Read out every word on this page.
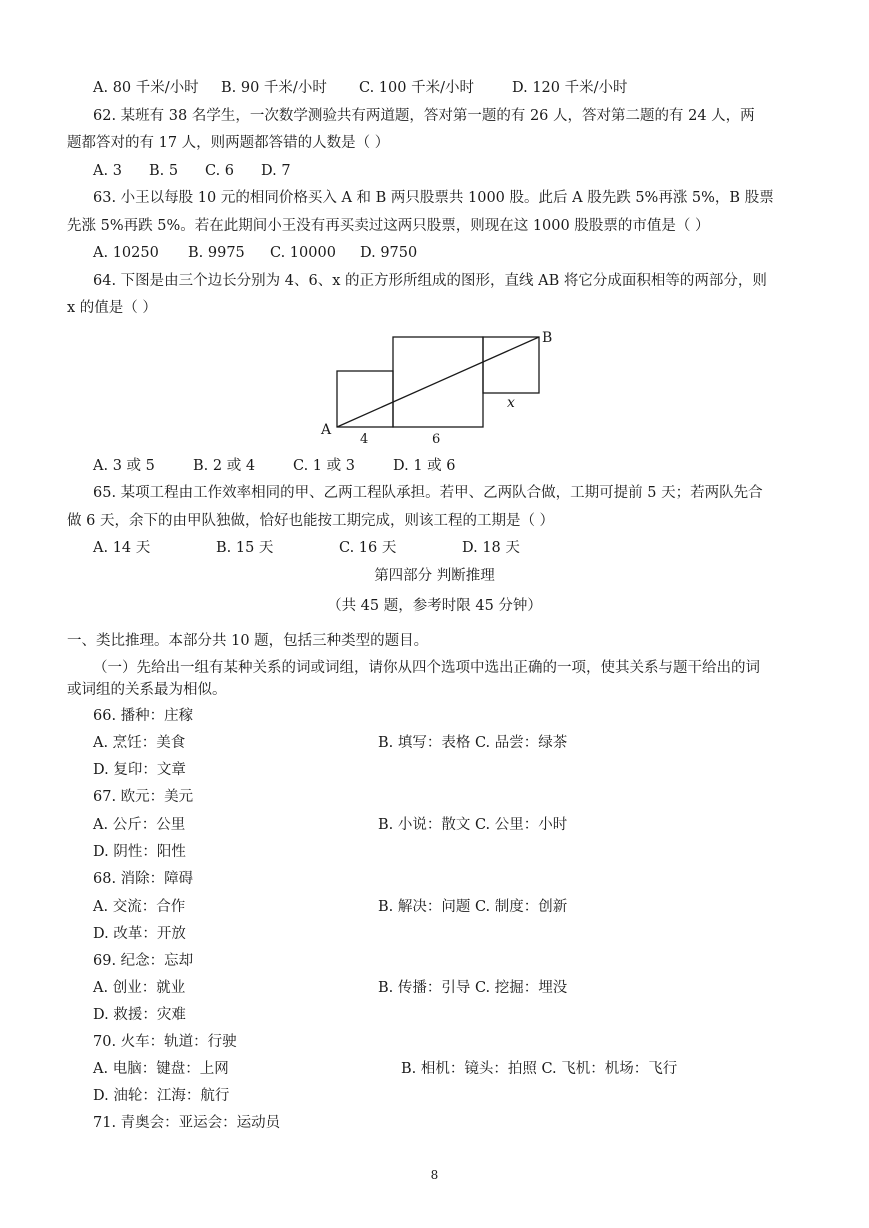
A. 80 千米/小时 B. 90 千米/小时 C. 100 千米/小时	D. 120 千米/小时
62. 某班有 38 名学生，一次数学测验共有两道题，答对第一题的有 26 人，答对第二题的有 24 人，两
题都答对的有 17 人，则两题都答错的人数是（ ）
A. 3 B. 5 C. 6 D. 7
63. 小王以每股 10 元的相同价格买入 A 和 B 两只股票共 1000 股。此后 A 股先跌 5%再涨 5%，B 股票
先涨 5%再跌 5%。若在此期间小王没有再买卖过这两只股票，则现在这 1000 股股票的市值是（ ）
A. 10250 B. 9975 C. 10000 D. 9750
64. 下图是由三个边长分别为 4、6、x 的正方形所组成的图形，直线 AB 将它分成面积相等的两部分，则
x 的值是（ ）
A
B
4	6
x
A. 3 或 5	B. 2 或 4	C. 1 或 3	D. 1 或 6
65. 某项工程由工作效率相同的甲、乙两工程队承担。若甲、乙两队合做，工期可提前 5 天；若两队先合
做 6 天，余下的由甲队独做，恰好也能按工期完成，则该工程的工期是（ ）
A. 14 天	B. 15 天	C. 16 天	D. 18 天
第四部分 判断推理
（共 45 题，参考时限 45 分钟）
一、类比推理。本部分共 10 题，包括三种类型的题目。
（一）先给出一组有某种关系的词或词组，请你从四个选项中选出正确的一项，使其关系与题干给出的词
或词组的关系最为相似。
66. 播种：庄稼
A. 烹饪：美食	B. 填写：表格 C. 品尝：绿茶
D. 复印：文章
67. 欧元：美元
A. 公斤：公里	B. 小说：散文 C. 公里：小时
D. 阴性：阳性
68. 消除：障碍
A. 交流：合作	B. 解决：问题 C. 制度：创新
D. 改革：开放
69. 纪念：忘却
A. 创业：就业	B. 传播：引导 C. 挖掘：埋没
D. 救援：灾难
70. 火车：轨道：行驶
A. 电脑：键盘：上网	B. 相机：镜头：拍照 C. 飞机：机场：飞行
D. 油轮：江海：航行
71. 青奥会：亚运会：运动员
8
